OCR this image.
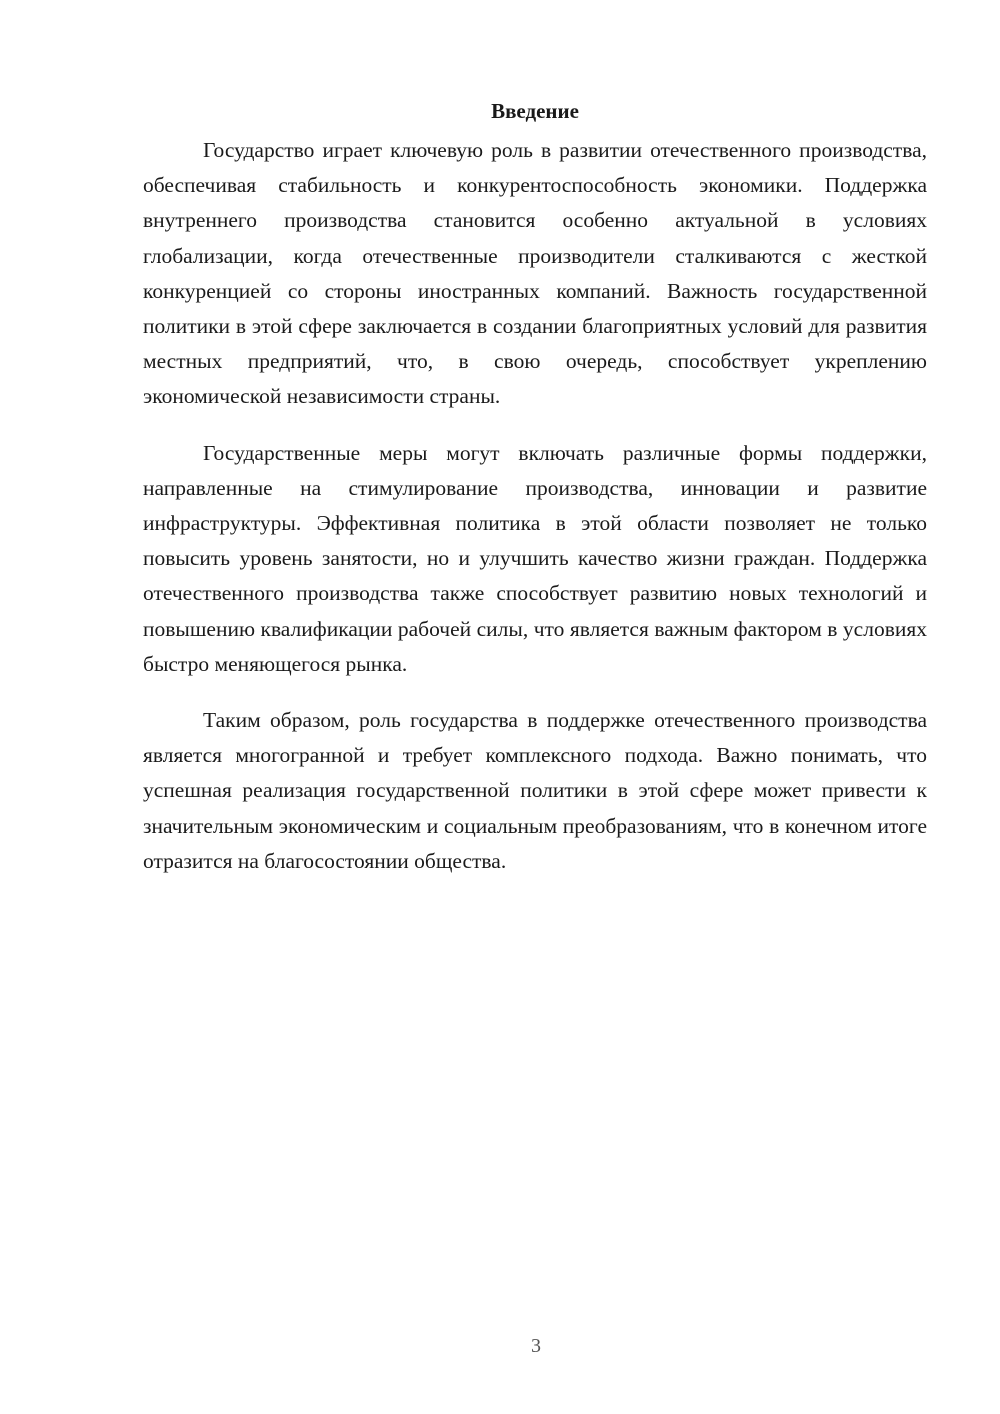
Введение

Государство играет ключевую роль в развитии отечественного производства, обеспечивая стабильность и конкурентоспособность экономики. Поддержка внутреннего производства становится особенно актуальной в условиях глобализации, когда отечественные производители сталкиваются с жесткой конкуренцией со стороны иностранных компаний. Важность государственной политики в этой сфере заключается в создании благоприятных условий для развития местных предприятий, что, в свою очередь, способствует укреплению экономической независимости страны.

Государственные меры могут включать различные формы поддержки, направленные на стимулирование производства, инновации и развитие инфраструктуры. Эффективная политика в этой области позволяет не только повысить уровень занятости, но и улучшить качество жизни граждан. Поддержка отечественного производства также способствует развитию новых технологий и повышению квалификации рабочей силы, что является важным фактором в условиях быстро меняющегося рынка.

Таким образом, роль государства в поддержке отечественного производства является многогранной и требует комплексного подхода. Важно понимать, что успешная реализация государственной политики в этой сфере может привести к значительным экономическим и социальным преобразованиям, что в конечном итоге отразится на благосостоянии общества.

3
